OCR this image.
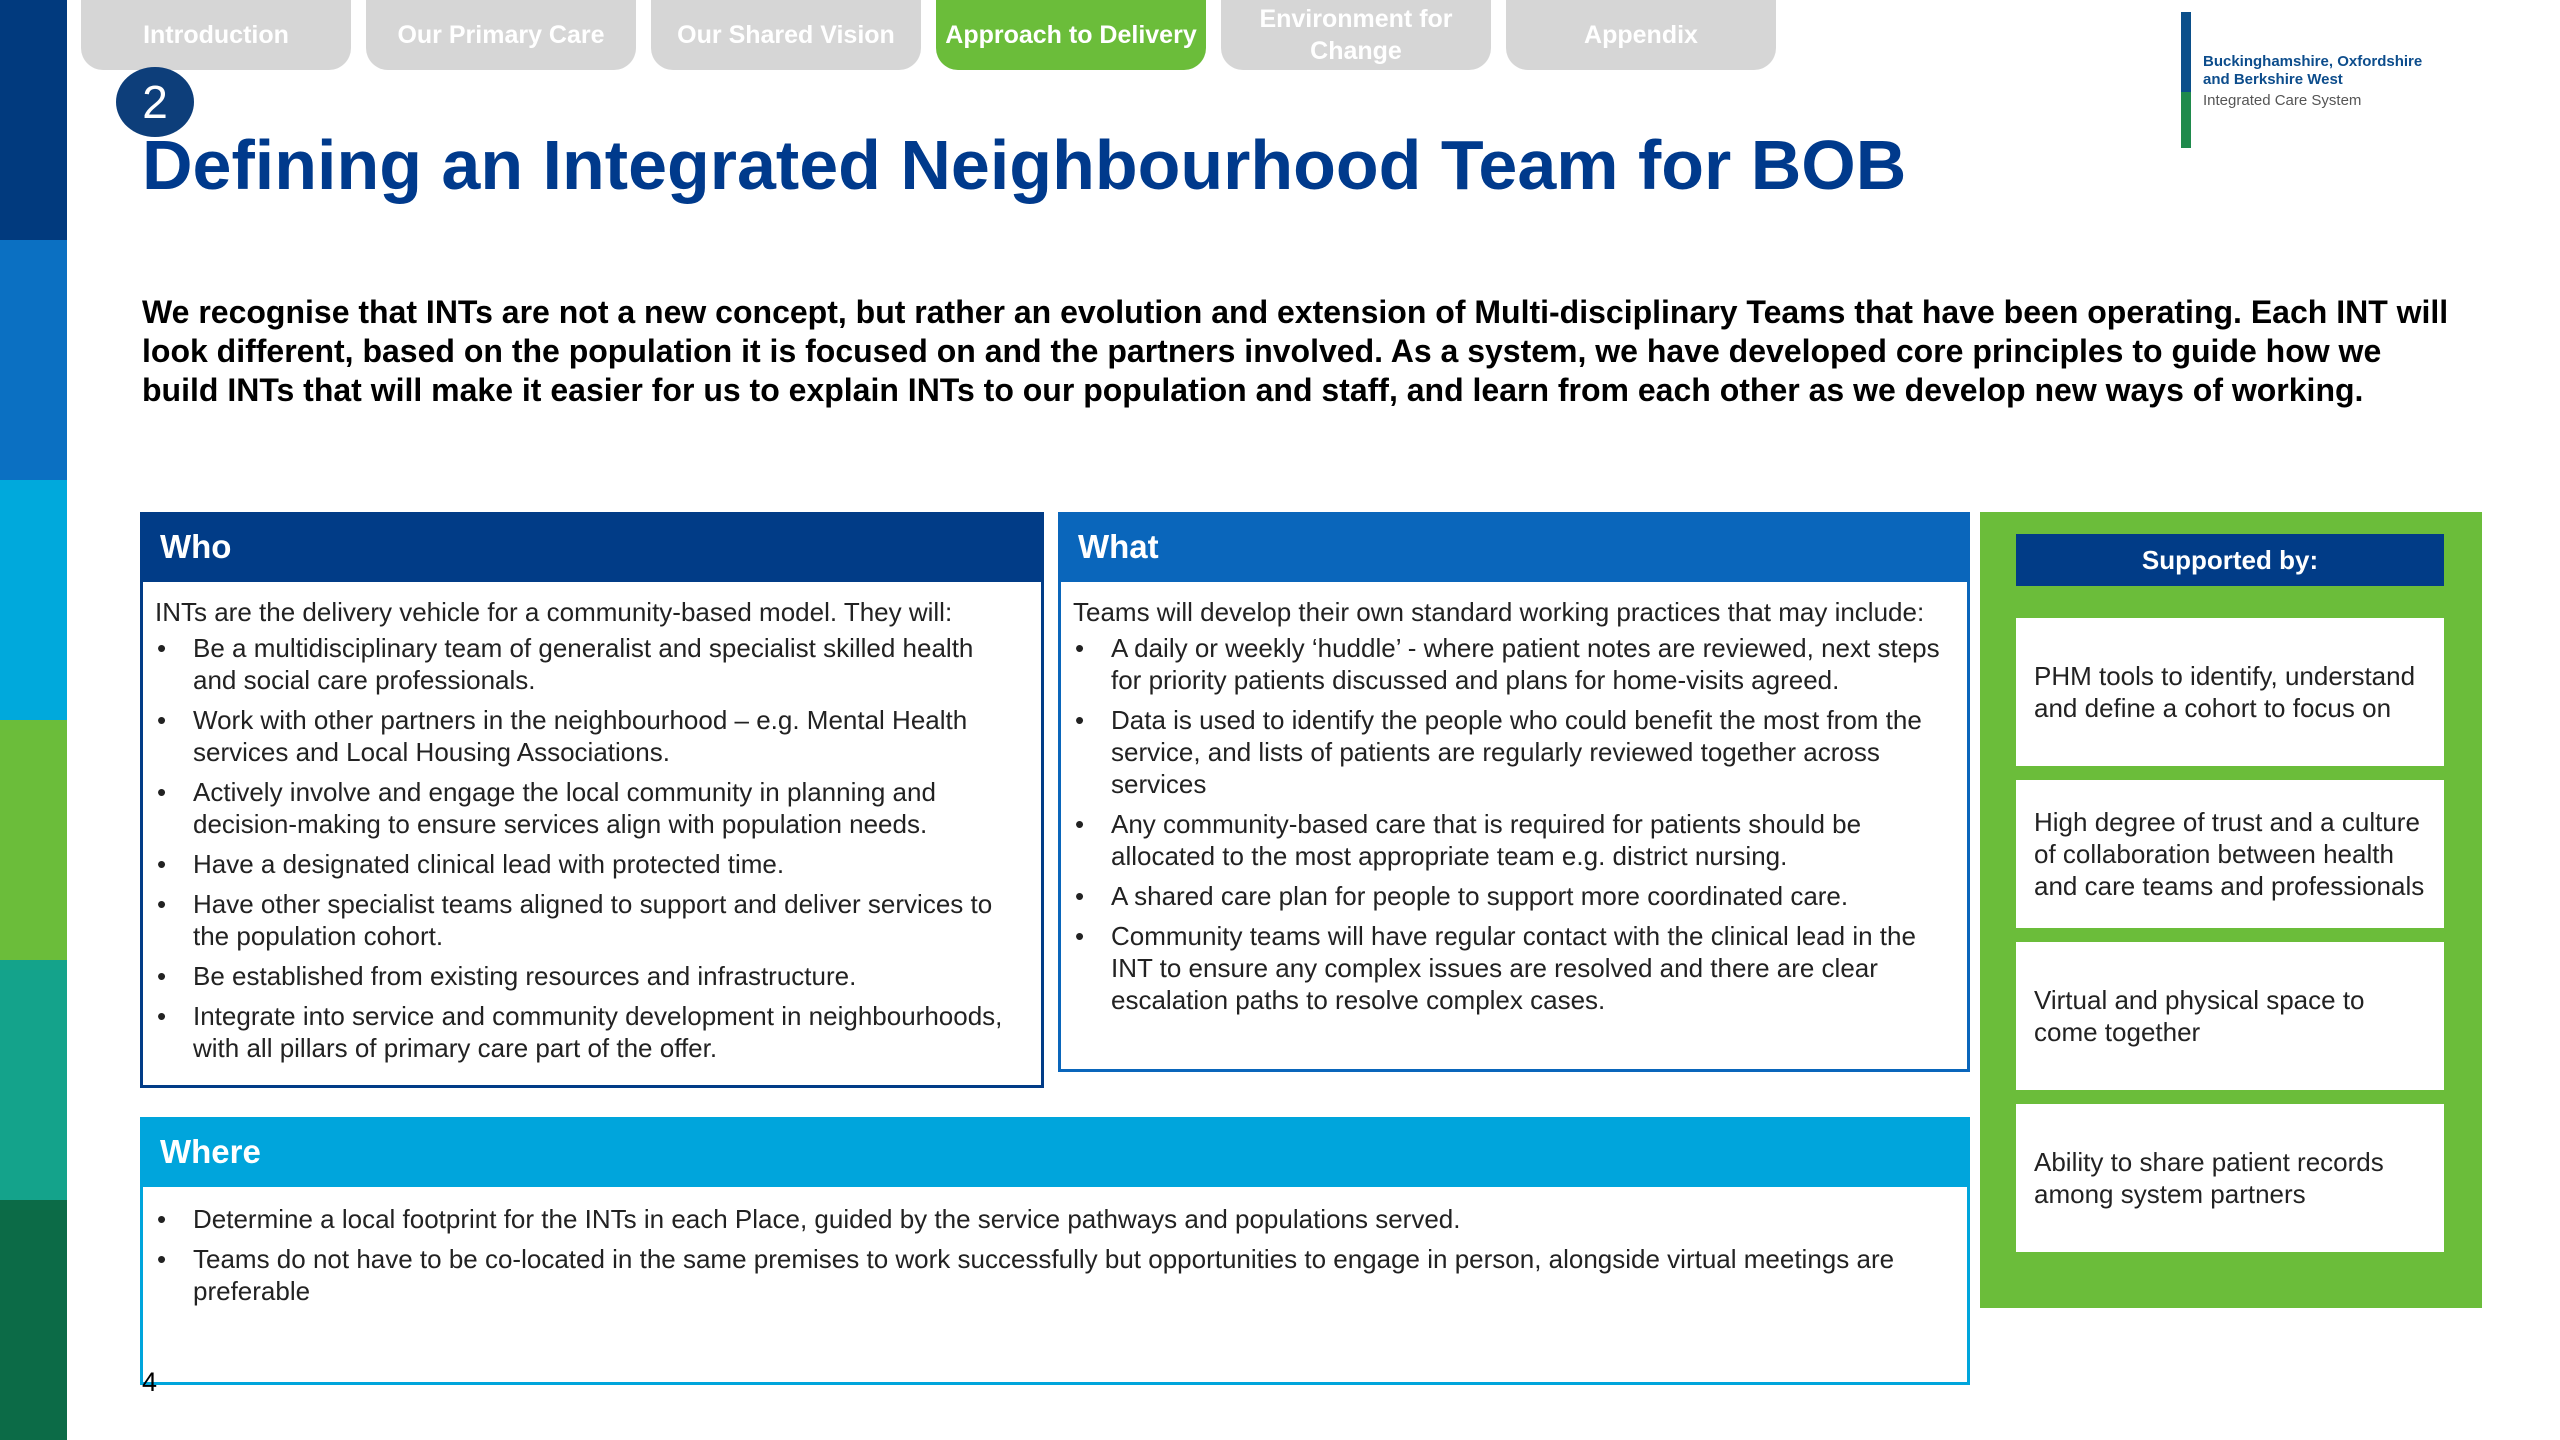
Introduction	Our Primary Care	Our Shared Vision	Approach to Delivery
Environment for Change
Appendix
Buckinghamshire, Oxfordshire
and Berkshire West
Integrated Care System
2
Defining an Integrated Neighbourhood Team for BOB

We recognise that INTs are not a new concept, but rather an evolution and extension of Multi-disciplinary Teams that have been operating. Each INT will look different, based on the population it is focused on and the partners involved. As a system, we have developed core principles to guide how we build INTs that will make it easier for us to explain INTs to our population and staff, and learn from each other as we develop new ways of working.

Who
INTs are the delivery vehicle for a community-based model. They will:
• Be a multidisciplinary team of generalist and specialist skilled health and social care professionals.
• Work with other partners in the neighbourhood – e.g. Mental Health services and Local Housing Associations.
• Actively involve and engage the local community in planning and decision-making to ensure services align with population needs.
• Have a designated clinical lead with protected time.
• Have other specialist teams aligned to support and deliver services to the population cohort.
• Be established from existing resources and infrastructure.
• Integrate into service and community development in neighbourhoods, with all pillars of primary care part of the offer.
What
Teams will develop their own standard working practices that may include:
• A daily or weekly ‘huddle’ - where patient notes are reviewed, next steps for priority patients discussed and plans for home-visits agreed.
• Data is used to identify the people who could benefit the most from the service, and lists of patients are regularly reviewed together across services
• Any community-based care that is required for patients should be allocated to the most appropriate team e.g. district nursing.
• A shared care plan for people to support more coordinated care.
• Community teams will have regular contact with the clinical lead in the INT to ensure any complex issues are resolved and there are clear escalation paths to resolve complex cases.
Where
• Determine a local footprint for the INTs in each Place, guided by the service pathways and populations served.
• Teams do not have to be co-located in the same premises to work successfully but opportunities to engage in person, alongside virtual meetings are preferable
Supported by:
PHM tools to identify, understand and define a cohort to focus on
High degree of trust and a culture of collaboration between health and care teams and professionals
Virtual and physical space to come together
Ability to share patient records among system partners
4
